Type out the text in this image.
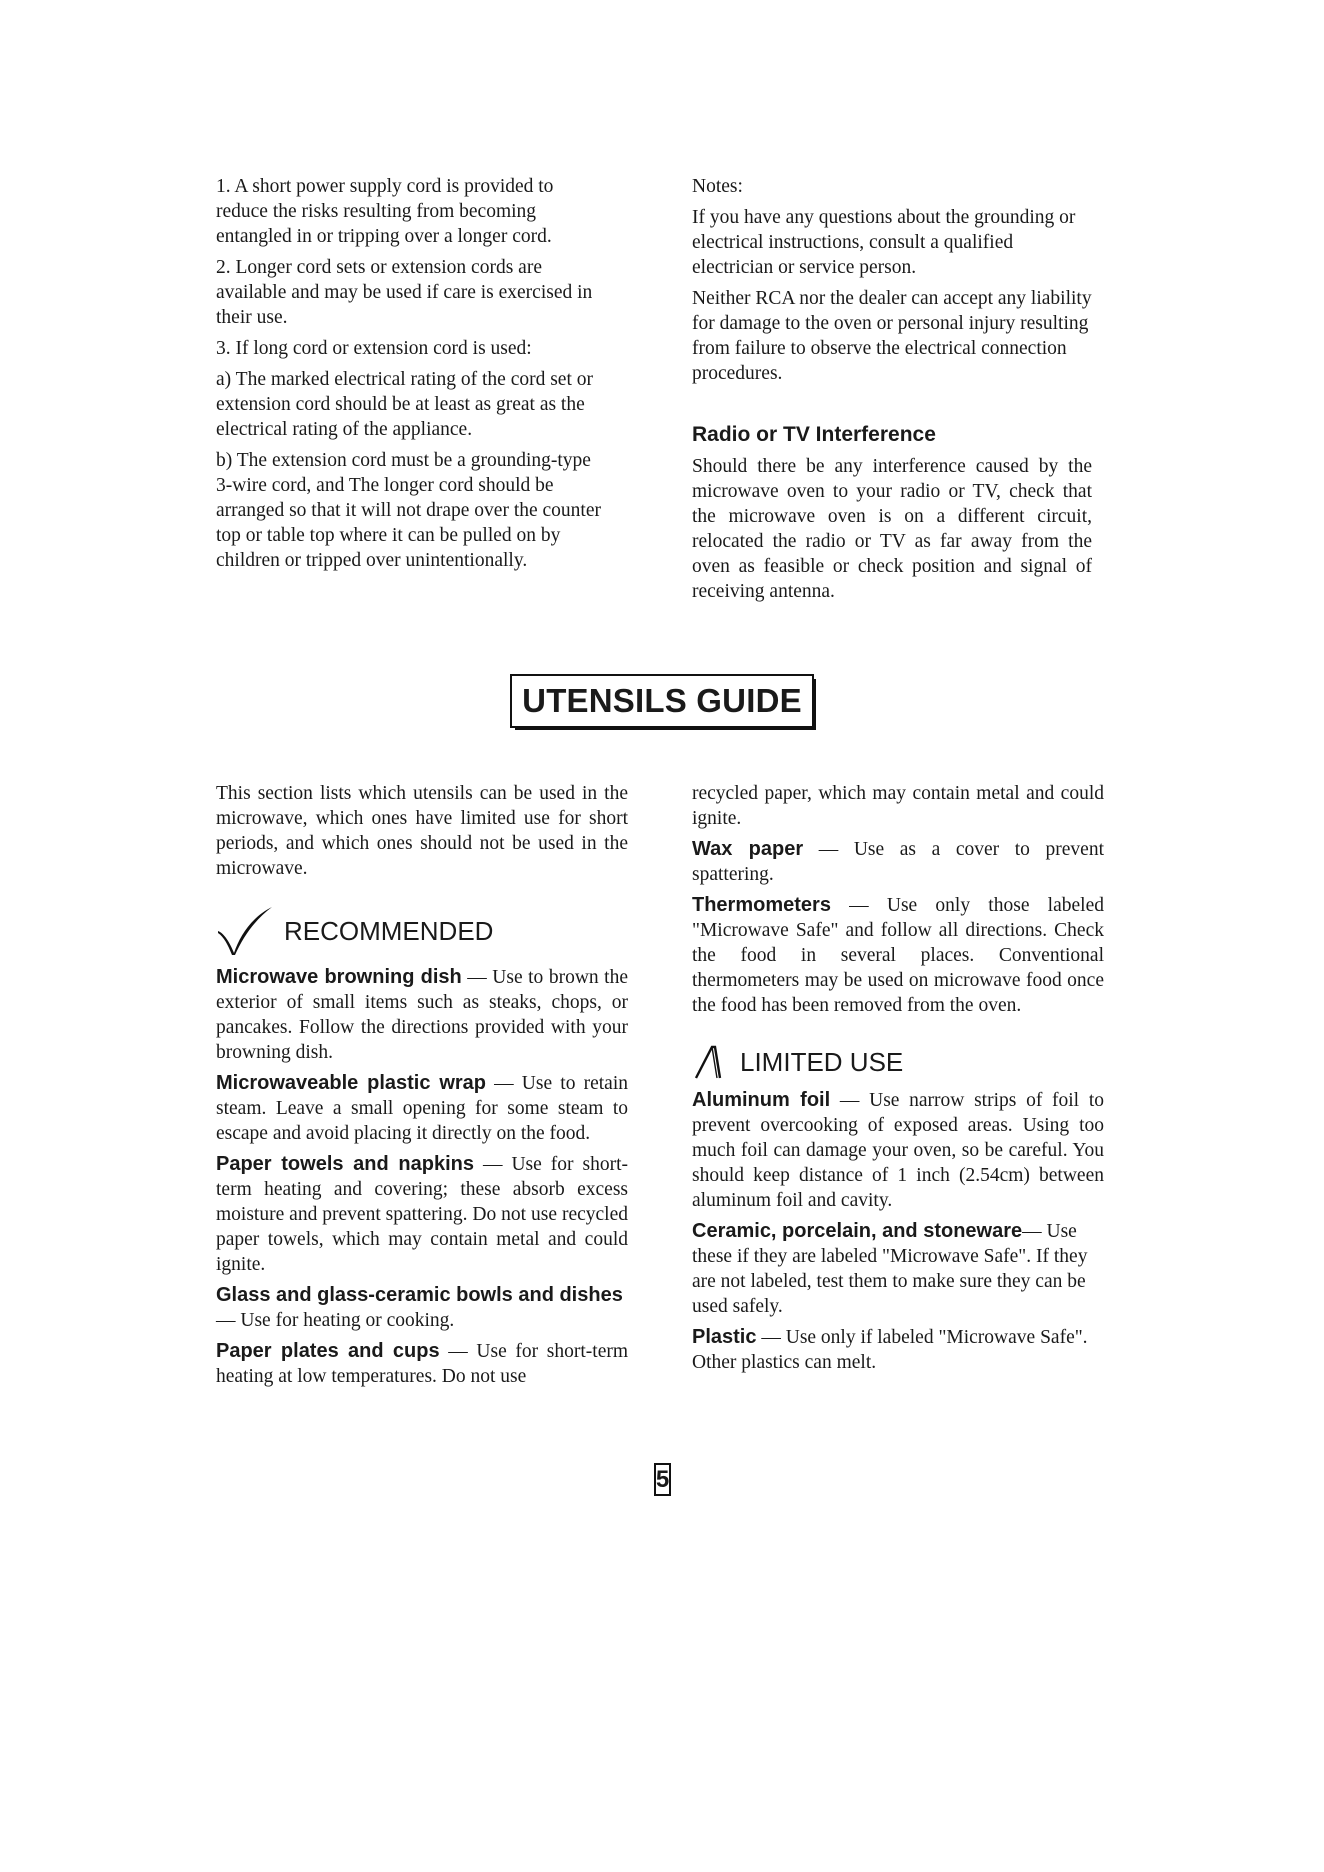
1. A short power supply cord is provided to reduce the risks resulting from becoming entangled in or tripping over a longer cord.

2. Longer cord sets or extension cords are available and may be used if care is exercised in their use.

3. If long cord or extension cord is used:

a) The marked electrical rating of the cord set or extension cord should be at least as great as the electrical rating of the appliance.

b) The extension cord must be a grounding-type 3-wire cord, and The longer cord should be arranged so that it will not drape over the counter top or table top where it can be pulled on by children or tripped over unintentionally.

Notes:

If you have any questions about the grounding or electrical instructions, consult a qualified electrician or service person.

Neither RCA nor the dealer can accept any liability for damage to the oven or personal injury resulting from failure to observe the electrical connection procedures.

Radio or TV Interference

Should there be any interference caused by the microwave oven to your radio or TV, check that the microwave oven is on a different circuit, relocated the radio or TV as far away from the oven as feasible or check position and signal of receiving antenna.

UTENSILS GUIDE

This section lists which utensils can be used in the microwave, which ones have limited use for short periods, and which ones should not be used in the microwave.

RECOMMENDED

Microwave browning dish — Use to brown the exterior of small items such as steaks, chops, or pancakes. Follow the directions provided with your browning dish.

Microwaveable plastic wrap — Use to retain steam. Leave a small opening for some steam to escape and avoid placing it directly on the food.

Paper towels and napkins — Use for short-term heating and covering; these absorb excess moisture and prevent spattering. Do not use recycled paper towels, which may contain metal and could ignite.

Glass and glass-ceramic bowls and dishes
— Use for heating or cooking.

Paper plates and cups — Use for short-term heating at low temperatures. Do not use

recycled paper, which may contain metal and could ignite.

Wax paper — Use as a cover to prevent spattering.

Thermometers — Use only those labeled "Microwave Safe" and follow all directions. Check the food in several places. Conventional thermometers may be used on microwave food once the food has been removed from the oven.

LIMITED USE

Aluminum foil — Use narrow strips of foil to prevent overcooking of exposed areas. Using too much foil can damage your oven, so be careful. You should keep distance of 1 inch (2.54cm) between aluminum foil and cavity.

Ceramic, porcelain, and stoneware— Use these if they are labeled "Microwave Safe". If they are not labeled, test them to make sure they can be used safely.

Plastic — Use only if labeled "Microwave Safe". Other plastics can melt.

5
